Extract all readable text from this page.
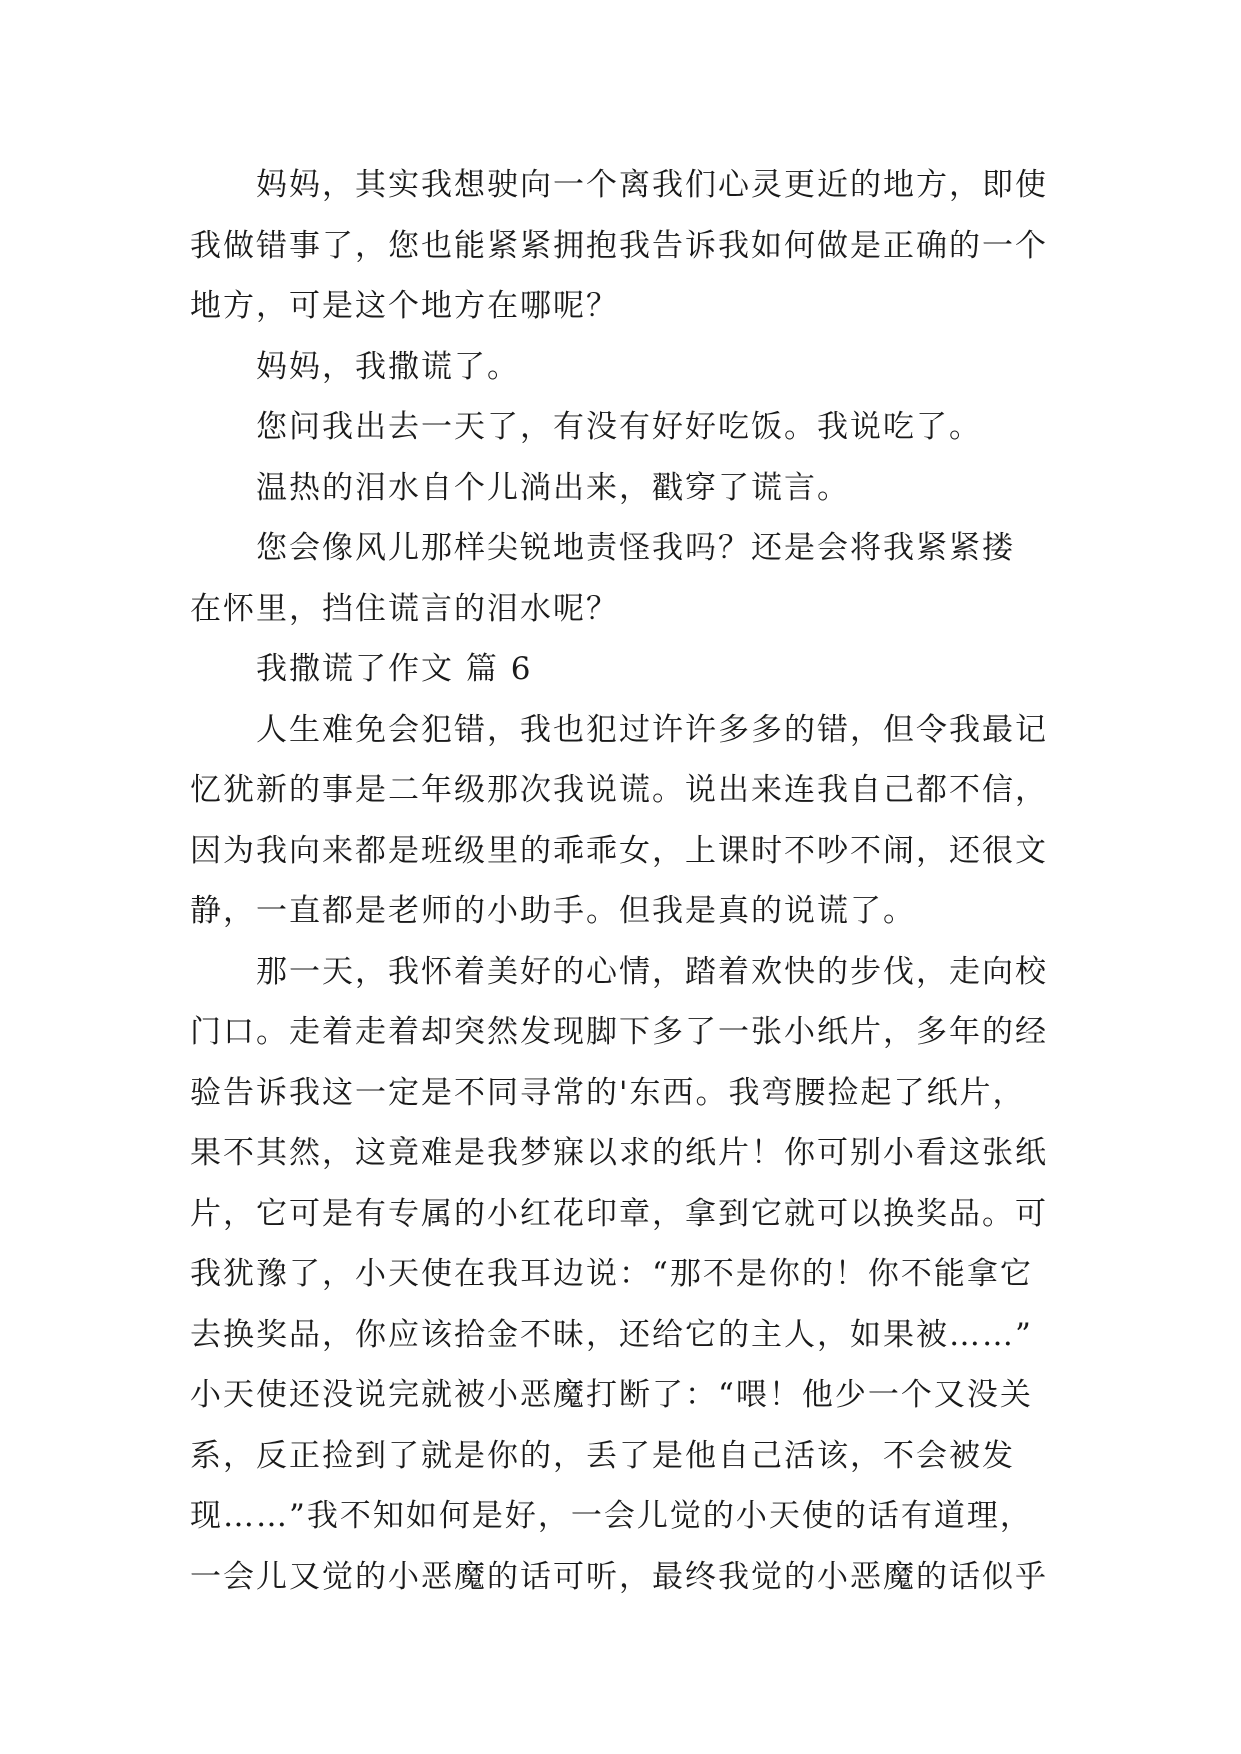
妈妈，其实我想驶向一个离我们心灵更近的地方，即使
我做错事了，您也能紧紧拥抱我告诉我如何做是正确的一个
地方，可是这个地方在哪呢？
妈妈，我撒谎了。
您问我出去一天了，有没有好好吃饭。我说吃了。
温热的泪水自个儿淌出来，戳穿了谎言。
您会像风儿那样尖锐地责怪我吗？还是会将我紧紧搂
在怀里，挡住谎言的泪水呢？
我撒谎了作文 篇 6
人生难免会犯错，我也犯过许许多多的错，但令我最记
忆犹新的事是二年级那次我说谎。说出来连我自己都不信，
因为我向来都是班级里的乖乖女，上课时不吵不闹，还很文
静，一直都是老师的小助手。但我是真的说谎了。
那一天，我怀着美好的心情，踏着欢快的步伐，走向校
门口。走着走着却突然发现脚下多了一张小纸片，多年的经
验告诉我这一定是不同寻常的'东西。我弯腰捡起了纸片，
果不其然，这竟难是我梦寐以求的纸片！你可别小看这张纸
片，它可是有专属的小红花印章，拿到它就可以换奖品。可
我犹豫了，小天使在我耳边说：“那不是你的！你不能拿它
去换奖品，你应该拾金不昧，还给它的主人，如果被……”
小天使还没说完就被小恶魔打断了：“喂！他少一个又没关
系，反正捡到了就是你的，丢了是他自己活该，不会被发
现……”我不知如何是好，一会儿觉的小天使的话有道理，
一会儿又觉的小恶魔的话可听，最终我觉的小恶魔的话似乎
